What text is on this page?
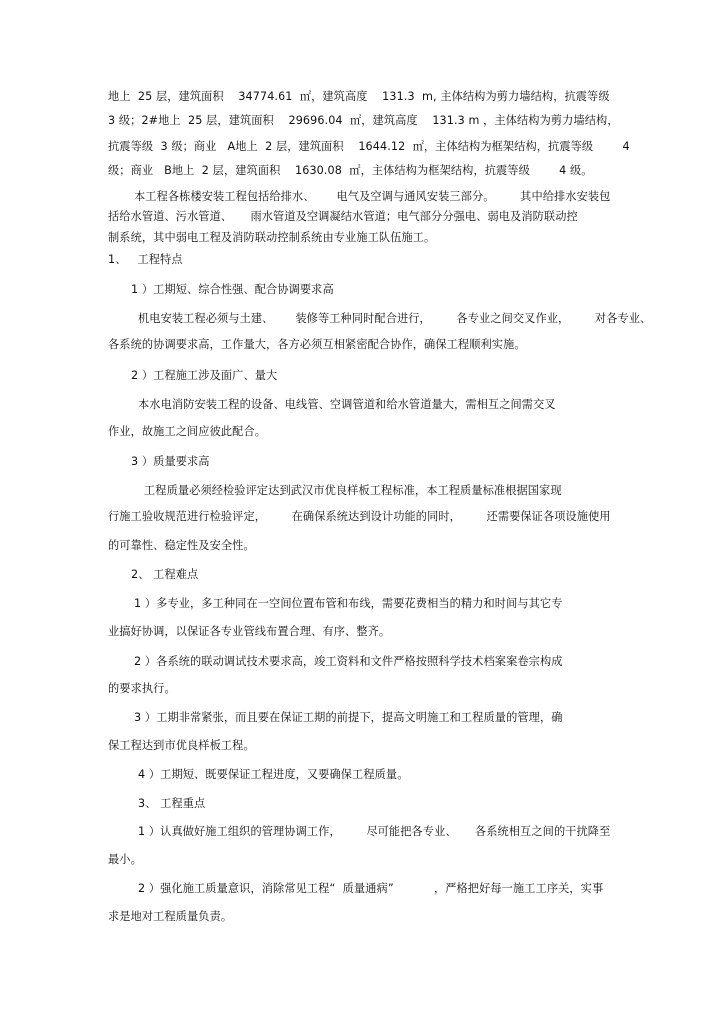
地上  25 层，建筑面积    34774.61  ㎡，建筑高度    131.3  m, 主体结构为剪力墙结构，抗震等级
3 级；2#地上  25 层，建筑面积    29696.04  ㎡，建筑高度    131.3 m ，主体结构为剪力墙结构，
抗震等级  3 级；商业   A地上  2 层，建筑面积    1644.12  ㎡，主体结构为框架结构，抗震等级        4
级；商业   B地上  2 层，建筑面积    1630.08  ㎡，主体结构为框架结构，抗震等级        4 级。
本工程各栋楼安装工程包括给排水、      电气及空调与通风安装三部分。       其中给排水安装包
括给水管道、污水管道、     雨水管道及空调凝结水管道；电气部分分强电、弱电及消防联动控
制系统，其中弱电工程及消防联动控制系统由专业施工队伍施工。
1、   工程特点
1 ）工期短、综合性强、配合协调要求高
机电安装工程必须与土建、      装修等工种同时配合进行，       各专业之间交叉作业，       对各专业、
各系统的协调要求高，工作量大，各方必须互相紧密配合协作，确保工程顺利实施。
2 ）工程施工涉及面广、量大
本水电消防安装工程的设备、电线管、空调管道和给水管道量大，需相互之间需交叉
作业，故施工之间应彼此配合。
3 ）质量要求高
工程质量必须经检验评定达到武汉市优良样板工程标准，本工程质量标准根据国家现
行施工验收规范进行检验评定，       在确保系统达到设计功能的同时，       还需要保证各项设施使用
的可靠性、稳定性及安全性。
2、 工程难点
1 ）多专业，多工种同在一空间位置布管和布线，需要花费相当的精力和时间与其它专
业搞好协调，以保证各专业管线布置合理、有序、整齐。
2 ）各系统的联动调试技术要求高，竣工资料和文件严格按照科学技术档案案卷宗构成
的要求执行。
3 ）工期非常紧张，而且要在保证工期的前提下，提高文明施工和工程质量的管理，确
保工程达到市优良样板工程。
4 ）工期短、既要保证工程进度，又要确保工程质量。
3、 工程重点
1 ）认真做好施工组织的管理协调工作，       尽可能把各专业、     各系统相互之间的干扰降至
最小。
2 ）强化施工质量意识，消除常见工程“  质量通病”           ，严格把好每一施工工序关，实事
求是地对工程质量负责。
